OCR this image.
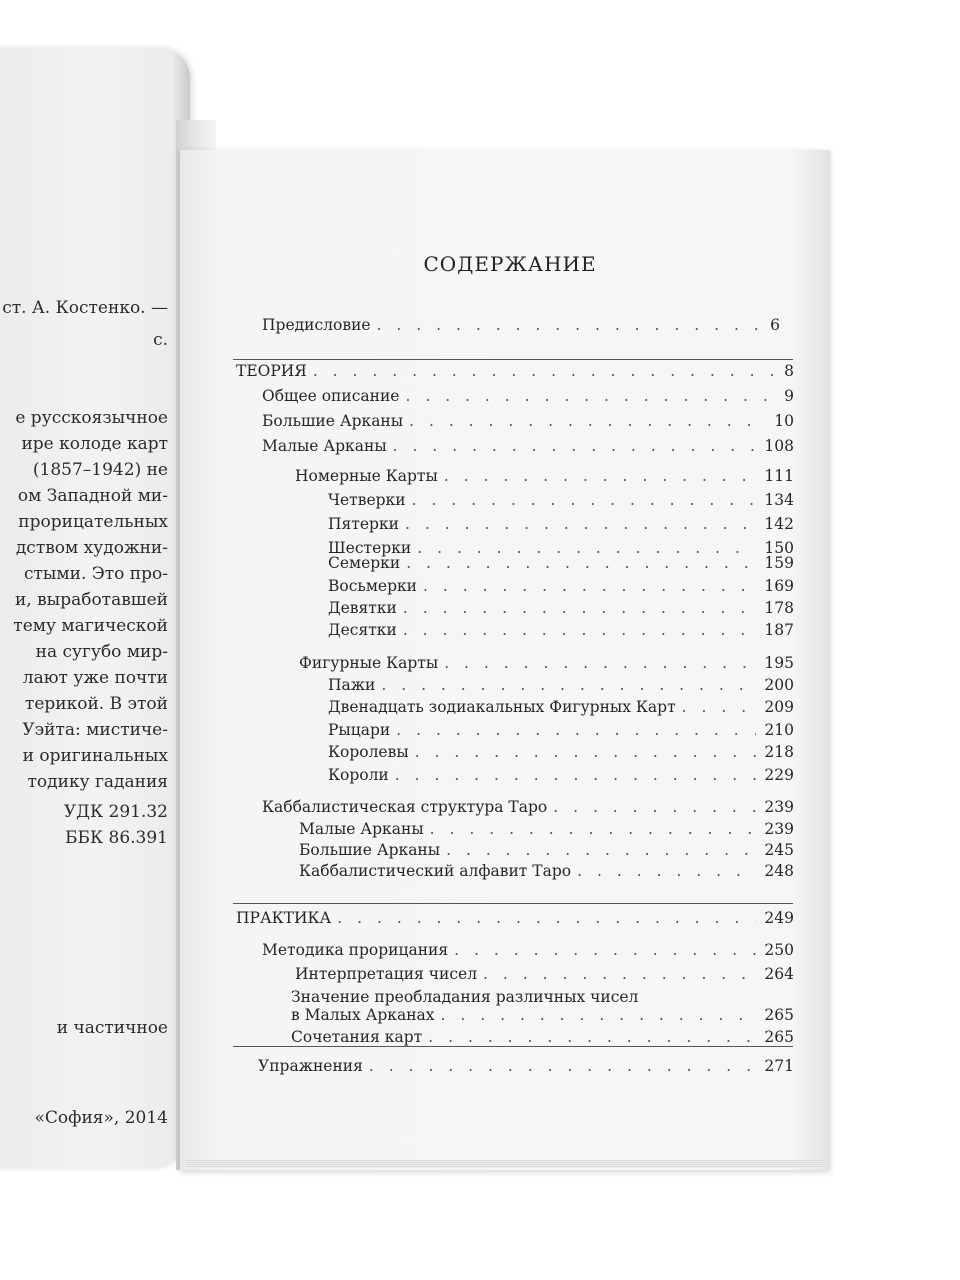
ст. А. Костенко. —
с.
е русскоязычное
ире колоде карт
(1857–1942) не
ом Западной ми-
прорицательных
дством художни-
стыми. Это про-
и, выработавшей
тему магической
на сугубо мир-
лают уже почти
терикой. В этой
Уэйта: мистиче-
и оригинальных
тодику гадания
УДК 291.32
ББК 86.391
и частичное
«София», 2014
СОДЕРЖАНИЕ
Предисловие . . .	6
ТЕОРИЯ . . .	8
Общее описание . . .	9
Большие Арканы . . .	10
Малые Арканы . . .	108
Номерные Карты . . .	111
Четверки . . .	134
Пятерки . . .	142
Шестерки . . .	150
Семерки . . .	159
Восьмерки . . .	169
Девятки . . .	178
Десятки . . .	187
Фигурные Карты . . .	195
Пажи . . .	200
Двенадцать зодиакальных Фигурных Карт . . .	209
Рыцари . . .	210
Королевы . . .	218
Короли . . .	229
Каббалистическая структура Таро . . .	239
Малые Арканы . . .	239
Большие Арканы . . .	245
Каббалистический алфавит Таро . . .	248
ПРАКТИКА . . .	249
Методика прорицания . . .	250
Интерпретация чисел . . .	264
Значение преобладания различных чисел
в Малых Арканах . . .	265
Сочетания карт . . .	265
Упражнения . . .	271
